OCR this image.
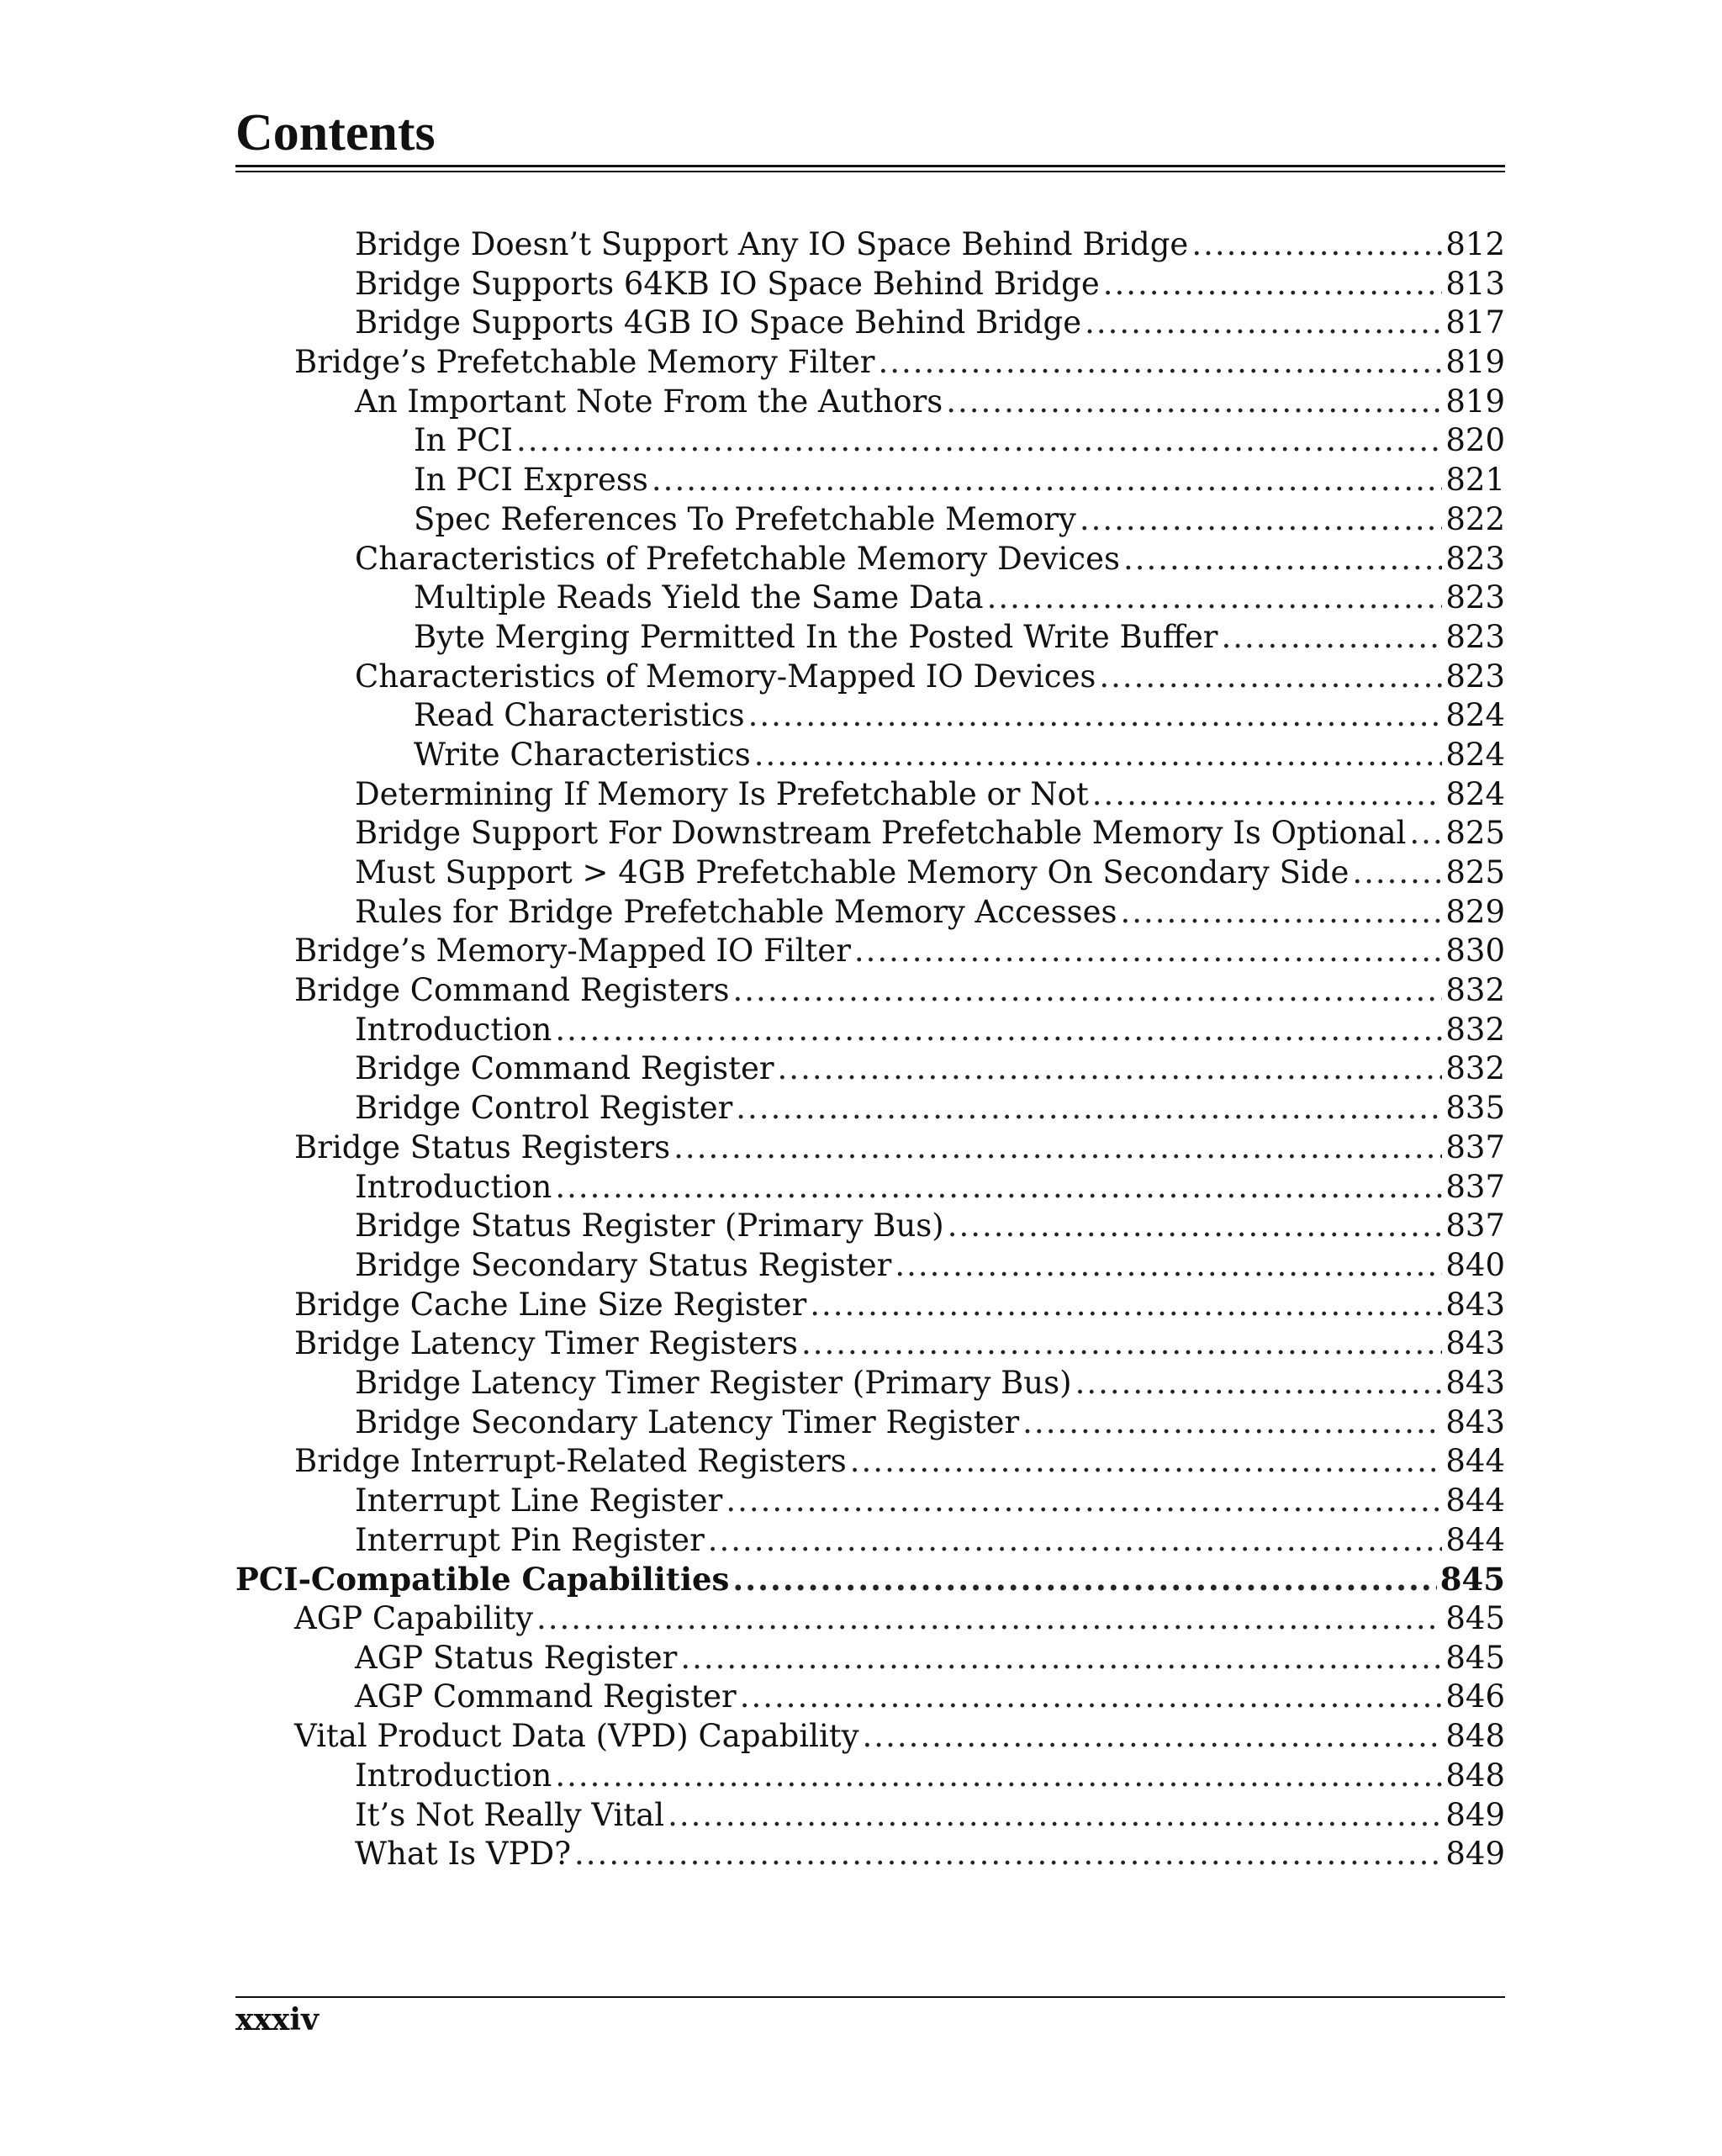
Contents
Bridge Doesn’t Support Any IO Space Behind Bridge .....	812
Bridge Supports 64KB IO Space Behind Bridge .....	813
Bridge Supports 4GB IO Space Behind Bridge .....	817
Bridge’s Prefetchable Memory Filter .....	819
An Important Note From the Authors .....	819
In PCI .....	820
In PCI Express .....	821
Spec References To Prefetchable Memory .....	822
Characteristics of Prefetchable Memory Devices .....	823
Multiple Reads Yield the Same Data .....	823
Byte Merging Permitted In the Posted Write Buffer .....	823
Characteristics of Memory-Mapped IO Devices .....	823
Read Characteristics .....	824
Write Characteristics .....	824
Determining If Memory Is Prefetchable or Not .....	824
Bridge Support For Downstream Prefetchable Memory Is Optional ..... 825
Must Support > 4GB Prefetchable Memory On Secondary Side .....	825
Rules for Bridge Prefetchable Memory Accesses .....	829
Bridge’s Memory-Mapped IO Filter .....	830
Bridge Command Registers .....	832
Introduction .....	832
Bridge Command Register .....	832
Bridge Control Register .....	835
Bridge Status Registers .....	837
Introduction .....	837
Bridge Status Register (Primary Bus) .....	837
Bridge Secondary Status Register .....	840
Bridge Cache Line Size Register .....	843
Bridge Latency Timer Registers .....	843
Bridge Latency Timer Register (Primary Bus) .....	843
Bridge Secondary Latency Timer Register .....	843
Bridge Interrupt-Related Registers .....	844
Interrupt Line Register .....	844
Interrupt Pin Register .....	844
PCI-Compatible Capabilities .....	845
AGP Capability .....	845
AGP Status Register .....	845
AGP Command Register .....	846
Vital Product Data (VPD) Capability .....	848
Introduction .....	848
It’s Not Really Vital .....	849
What Is VPD? .....	849
xxxiv
